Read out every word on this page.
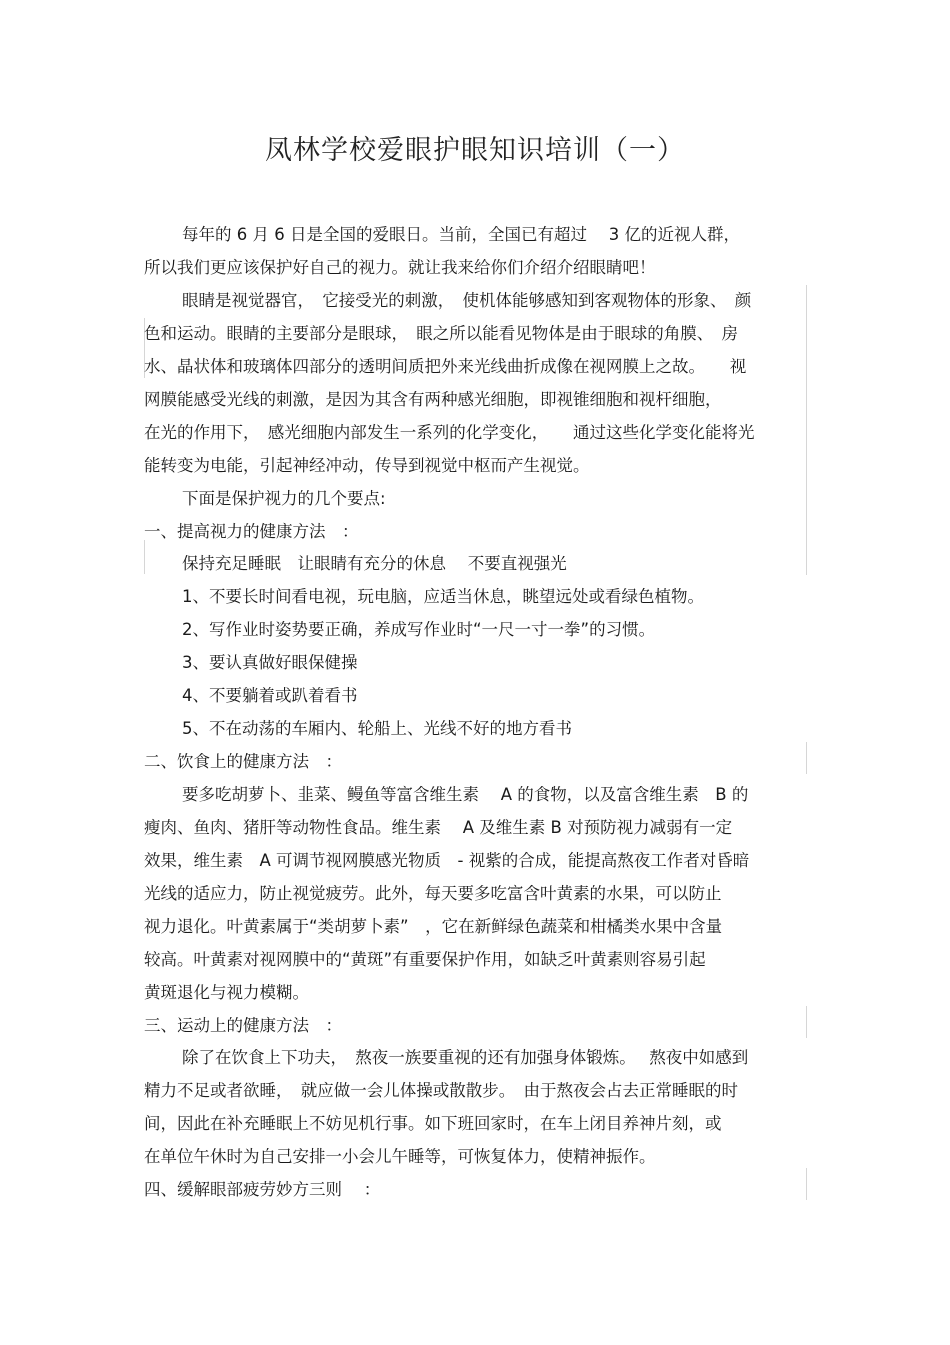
凤林学校爱眼护眼知识培训（一）
每年的 6 月 6 日是全国的爱眼日。当前，全国已有超过　 3 亿的近视人群，
所以我们更应该保护好自己的视力。就让我来给你们介绍介绍眼睛吧！
眼睛是视觉器官，　它接受光的刺激，　使机体能够感知到客观物体的形象、　颜
色和运动。眼睛的主要部分是眼球，　眼之所以能看见物体是由于眼球的角膜、　房
水、晶状体和玻璃体四部分的透明间质把外来光线曲折成像在视网膜上之故。　　视
网膜能感受光线的刺激，是因为其含有两种感光细胞，即视锥细胞和视杆细胞，
在光的作用下，　感光细胞内部发生一系列的化学变化，　　通过这些化学变化能将光
能转变为电能，引起神经冲动，传导到视觉中枢而产生视觉。
下面是保护视力的几个要点:
一、提高视力的健康方法　：
保持充足睡眠　让眼睛有充分的休息　 不要直视强光
1、不要长时间看电视，玩电脑，应适当休息，眺望远处或看绿色植物。
2、写作业时姿势要正确，养成写作业时“一尺一寸一拳”的习惯。
3、要认真做好眼保健操
4、不要躺着或趴着看书
5、不在动荡的车厢内、轮船上、光线不好的地方看书
二、饮食上的健康方法　：
要多吃胡萝卜、韭菜、鳗鱼等富含维生素　 A 的食物，以及富含维生素　B 的
瘦肉、鱼肉、猪肝等动物性食品。维生素　 A 及维生素 B 对预防视力减弱有一定
效果，维生素　A 可调节视网膜感光物质　- 视紫的合成，能提高熬夜工作者对昏暗
光线的适应力，防止视觉疲劳。此外，每天要多吃富含叶黄素的水果，可以防止
视力退化。叶黄素属于“类胡萝卜素”　，它在新鲜绿色蔬菜和柑橘类水果中含量
较高。叶黄素对视网膜中的“黄斑”有重要保护作用，如缺乏叶黄素则容易引起
黄斑退化与视力模糊。
三、运动上的健康方法　：
除了在饮食上下功夫，　熬夜一族要重视的还有加强身体锻炼。　 熬夜中如感到
精力不足或者欲睡，　就应做一会儿体操或散散步。　由于熬夜会占去正常睡眠的时
间，因此在补充睡眠上不妨见机行事。如下班回家时，在车上闭目养神片刻，或
在单位午休时为自己安排一小会儿午睡等，可恢复体力，使精神振作。
四、缓解眼部疲劳妙方三则　 ：
